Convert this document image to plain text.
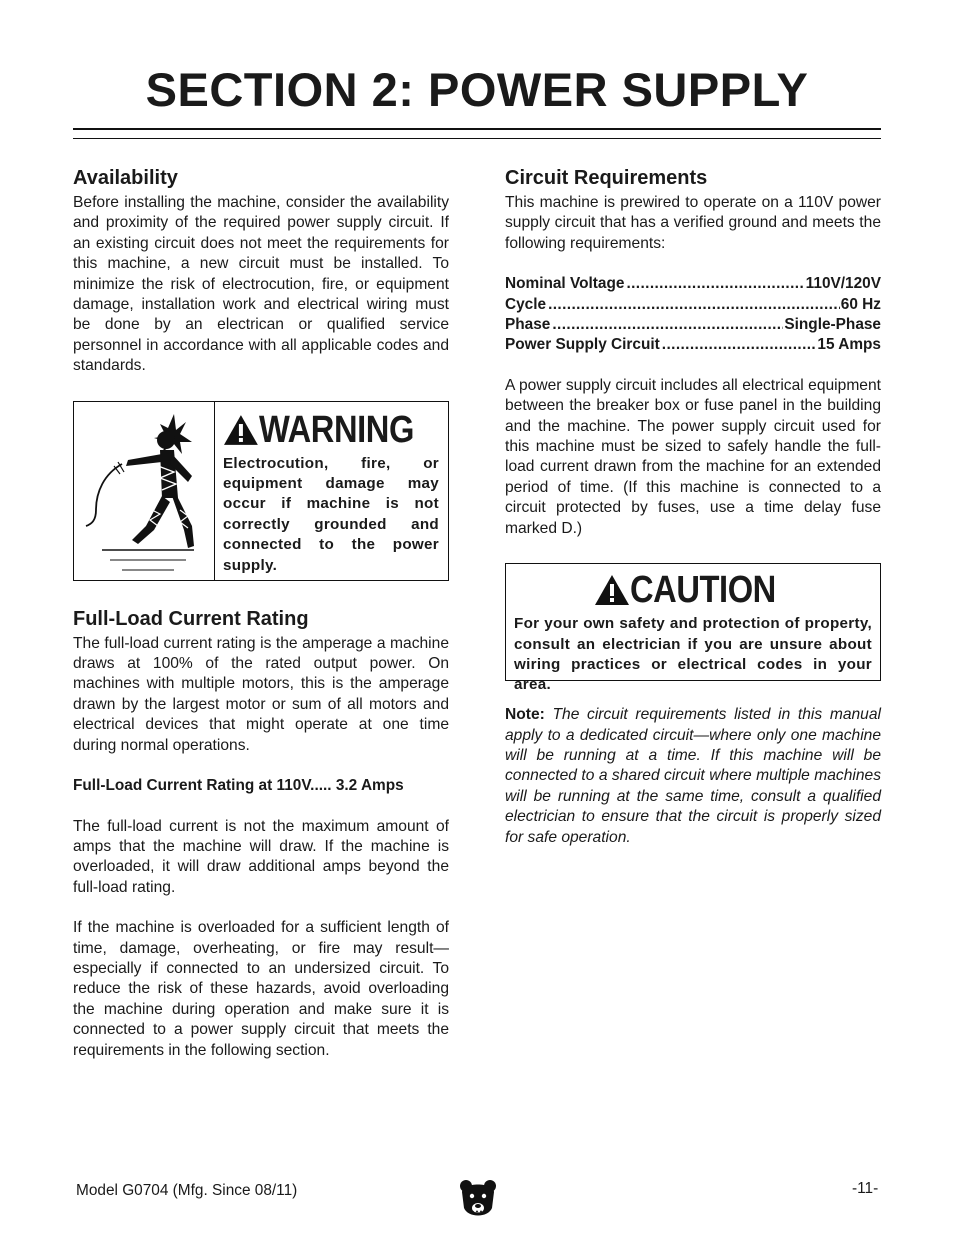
SECTION 2: POWER SUPPLY
Availability

Before installing the machine, consider the availability and proximity of the required power supply circuit. If an existing circuit does not meet the requirements for this machine, a new circuit must be installed. To minimize the risk of electrocution, fire, or equipment damage, installation work and electrical wiring must be done by an electrican or qualified service personnel in accordance with all applicable codes and standards.

WARNING
Electrocution, fire, or equipment damage may occur if machine is not correctly grounded and connected to the power supply.
Full-Load Current Rating

The full-load current rating is the amperage a machine draws at 100% of the rated output power. On machines with multiple motors, this is the amperage drawn by the largest motor or sum of all motors and electrical devices that might operate at one time during normal operations.

Full-Load Current Rating at 110V..... 3.2 Amps

The full-load current is not the maximum amount of amps that the machine will draw. If the machine is overloaded, it will draw additional amps beyond the full-load rating.

If the machine is overloaded for a sufficient length of time, damage, overheating, or fire may result—especially if connected to an undersized circuit. To reduce the risk of these hazards, avoid overloading the machine during operation and make sure it is connected to a power supply circuit that meets the requirements in the following section.

Circuit Requirements

This machine is prewired to operate on a 110V power supply circuit that has a verified ground and meets the following requirements:

Nominal Voltage .....	110V/120V
Cycle .....	60 Hz
Phase .....	Single-Phase
Power Supply Circuit .....	15 Amps

A power supply circuit includes all electrical equipment between the breaker box or fuse panel in the building and the machine. The power supply circuit used for this machine must be sized to safely handle the full-load current drawn from the machine for an extended period of time. (If this machine is connected to a circuit protected by fuses, use a time delay fuse marked D.)

CAUTION
For your own safety and protection of property, consult an electrician if you are unsure about wiring practices or electrical codes in your area.

Note: The circuit requirements listed in this manual apply to a dedicated circuit—where only one machine will be running at a time. If this machine will be connected to a shared circuit where multiple machines will be running at the same time, consult a qualified electrician to ensure that the circuit is properly sized for safe operation.

Model G0704 (Mfg. Since 08/11)	-11-
